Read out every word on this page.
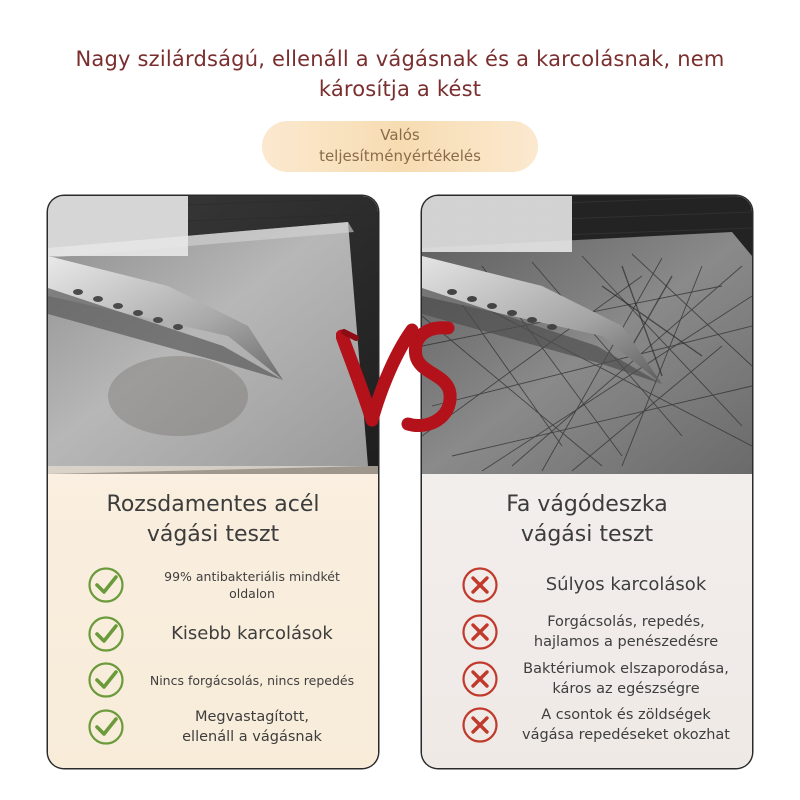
Nagy szilárdságú, ellenáll a vágásnak és a karcolásnak, nem
károsítja a kést
Valós
teljesítményértékelés
Rozsdamentes acél
vágási teszt
99% antibakteriális mindkét
oldalon
Kisebb karcolások
Nincs forgácsolás, nincs repedés
Megvastagított,
ellenáll a vágásnak
Fa vágódeszka
vágási teszt
Súlyos karcolások
Forgácsolás, repedés,
hajlamos a penészedésre
Baktériumok elszaporodása,
káros az egészségre
A csontok és zöldségek
vágása repedéseket okozhat
